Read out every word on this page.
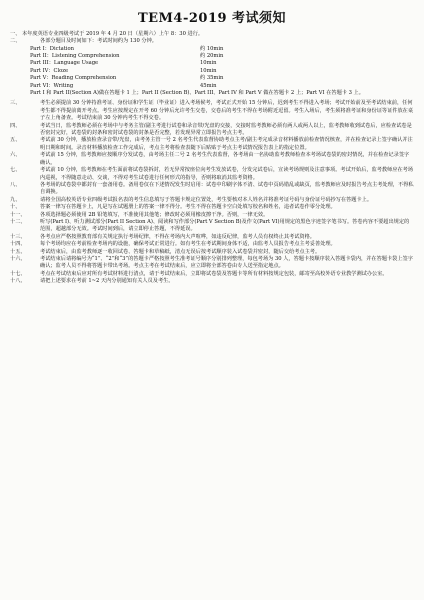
TEM4-2019 考试须知
一、 本年度英语专业四级考试于 2019 年 4 月 20 日（星期六）上午 8：30 进行。
二、	各部分题目及时间如下：考试时间约为 130 分钟。
Part I：Dictation	约 10min
Part II：Listening Comprehension	约 20min
Part III：Language Usage	10min
Part IV：Cloze	10min
Part V：Reading Comprehension	约 35min
Part VI：Writing	45min
Part I 和 Part II(Section A)做在答题卡 1 上；Part II (Section B)、Part III、Part IV 和 Part V 做在答题卡 2 上；Part VI 在答题卡 3 上。
三、	考生必须提前 30 分钟持准考证、身份证和学生证（毕业证）进入考场候考，考试正式开始 15 分钟后，迟到考生不得进入考场；考试开始前及至考试结束前，任何考生都不得提前离开考点。考生应按规定在开考 60 分钟后允许考生交卷，交卷后的考生不得在考场附近逗留。考生入场后，考生须将准考证和身份证等证件放在桌子左上角备查。考试结束前 30 分钟内考生不得交卷。
四、	考试当日，监考教师必须在考场中与考务主管/副主考进行试卷和录音带/光盘的交接，交接时监考教师必须有两人或两人以上，监考教师收到试卷后，应检查试卷是否密封完好，试卷袋的封条和密封试卷袋的封条是否完整，若发现异常立即报告考点主考。
五、	考试前 30 分钟，播放检查录音带/光盘，由考务主管一号 2 名考生代表监督协助考点主考/副主考完成录音材料播放前检查情况核查，并在检查记录上签字确认并注明日期和时间。录音材料播放检查工作完成后，考点主考将检查表随下后贴贴于考点主考试情况报告表上的指定位置。
六、	考试前 15 分钟，监考教师应按顺序分发试卷，由考场主任二号 2 名考生代表监督，各考场由一名协助监考教师检查本考场试卷袋的密封情况，并在检查记录签字确认。
七、	考试前 10 分钟，监考教师在考生面前将试卷袋拆封，若无异常按座位向考生发放试卷，分发完试卷后，宣读考场规则及注意事项。考试开始后，监考教师应在考场内巡视，不得随意走动、交谈，不得对考生试卷进行任何形式的指导，否则将取消其监考资格。
八、	各考场的试卷袋中都封有一套备用卷。备用卷仅在下述情况发生时启用：试卷中印刷字体不清、试卷中页码错乱或缺页，监考教师应及时报告考点主考处理，不得私自调换。
九、	请将全国高校英语专业四级考试报名表的考生信息填写于答题卡规定位置处，考生要核对本人姓名并将准考证号码与身份证号码抄写在答题卡上。
十、	答案一律写在答题卡上，凡是写在试题册上的答案一律不得分。考生不得在答题卡空白处填写校名和姓名，违者试卷作零分处理。
十一、	各项选择题必须使用 2B 铅笔填写，不准使用其他笔；修改时必须用橡皮擦干净。否则，一律无效。
十二、	听写(Part I)、听力测试部分(Part II Section A)、阅读和写作部分(Part V Section B)及作文(Part VI)用规定的黑色字迹签字笔书写。答卷内容不要超出规定的范围，超越部分无效。考试时间到后，请立即停止答题，不得延误。
十三、	各考点应严格按照教育部有关规定执行考场纪律，不得在考场内大声喧哗，如违反纪律，监考人员有权终止其考试资格。
十四、	每个考场均应在考前检查考场内的设施，确保考试正常进行。如有考生在考试期间身体不适，由监考人员报告考点主考妥善处理。
十五、	考试结束后，由监考教师逐一收回试卷、答题卡和草稿纸，清点无误后按考试顺序装入试卷袋并密封，随后交给考点主考。
十六、	考试结束后请将编号为“1”、“2”和“3”的答题卡严格按照考生准考证号顺序分别排列整理，每包考场为 30 人，答题卡按顺序装入答题卡袋内，并在答题卡袋上签字确认；监考人员不得将答题卡带出考场。考点主考在考试结束后，应立即将全部答卷由专人送至指定地点。
十七、	考点在考试结束后应对所有考试材料进行清点，请于考试结束后，立即将试卷袋及答题卡等所有材料按规定包装，邮寄至高校外语专业教学测试办公室。
十八、	请把上述要求在考前 1~2 天内分别通知有关人员及考生。
